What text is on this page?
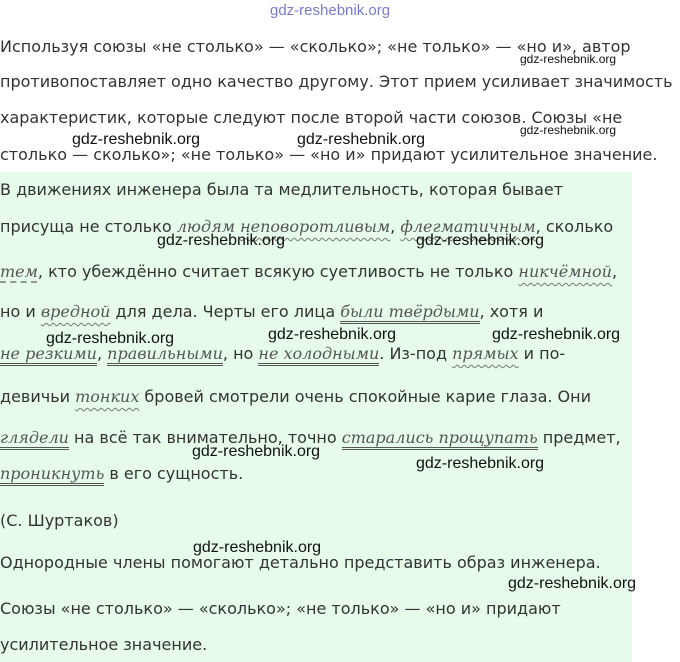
gdz-reshebnik.org
Используя союзы «не столько» — «сколько»; «не только» — «но и», автор
противопоставляет одно качество другому. Этот прием усиливает значимость
характеристик, которые следуют после второй части союзов. Союзы «не
столько — сколько»; «не только» — «но и» придают усилительное значение.
В движениях инженера была та медлительность, которая бывает
присуща не столько людям неповоротливым, флегматичным, сколько
тем, кто убеждённо считает всякую суетливость не только никчёмной,
но и вредной для дела. Черты его лица были твёрдыми, хотя и
не резкими, правильными, но не холодными. Из-под прямых и по-
девичьи тонких бровей смотрели очень спокойные карие глаза. Они
глядели на всё так внимательно, точно старались прощупать предмет,
проникнуть в его сущность.
(С. Шуртаков)
Однородные члены помогают детально представить образ инженера.
Союзы «не столько» — «сколько»; «не только» — «но и» придают
усилительное значение.
gdz-reshebnik.org
gdz-reshebnik.org	gdz-reshebnik.org
gdz-reshebnik.org
gdz-reshebnik.org	gdz-reshebnik.org
gdz-reshebnik.org	gdz-reshebnik.org	gdz-reshebnik.org
gdz-reshebnik.org
gdz-reshebnik.org
gdz-reshebnik.org
gdz-reshebnik.org
